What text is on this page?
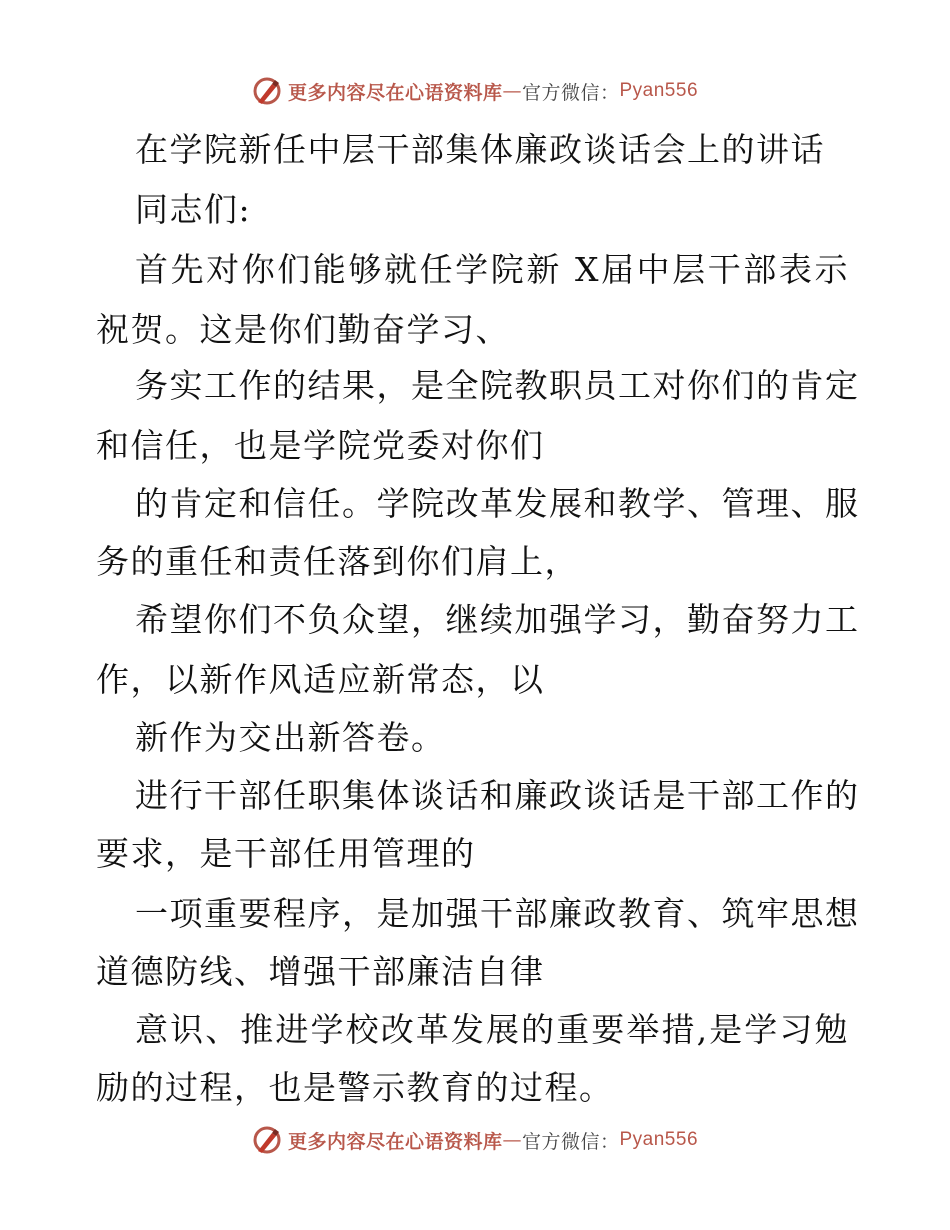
更多内容尽在心语资料库 — 官方微信： Pyan556
在学院新任中层干部集体廉政谈话会上的讲话
同志们:
首先对你们能够就任学院新 X届中层干部表示
祝贺。这是你们勤奋学习、
务实工作的结果，是全院教职员工对你们的肯定
和信任，也是学院党委对你们
的肯定和信任。学院改革发展和教学、管理、服
务的重任和责任落到你们肩上，
希望你们不负众望，继续加强学习，勤奋努力工
作，以新作风适应新常态，以
新作为交出新答卷。
进行干部任职集体谈话和廉政谈话是干部工作的
要求，是干部任用管理的
一项重要程序，是加强干部廉政教育、筑牢思想
道德防线、增强干部廉洁自律
意识、推进学校改革发展的重要举措,是学习勉
励的过程，也是警示教育的过程。
更多内容尽在心语资料库 — 官方微信： Pyan556
